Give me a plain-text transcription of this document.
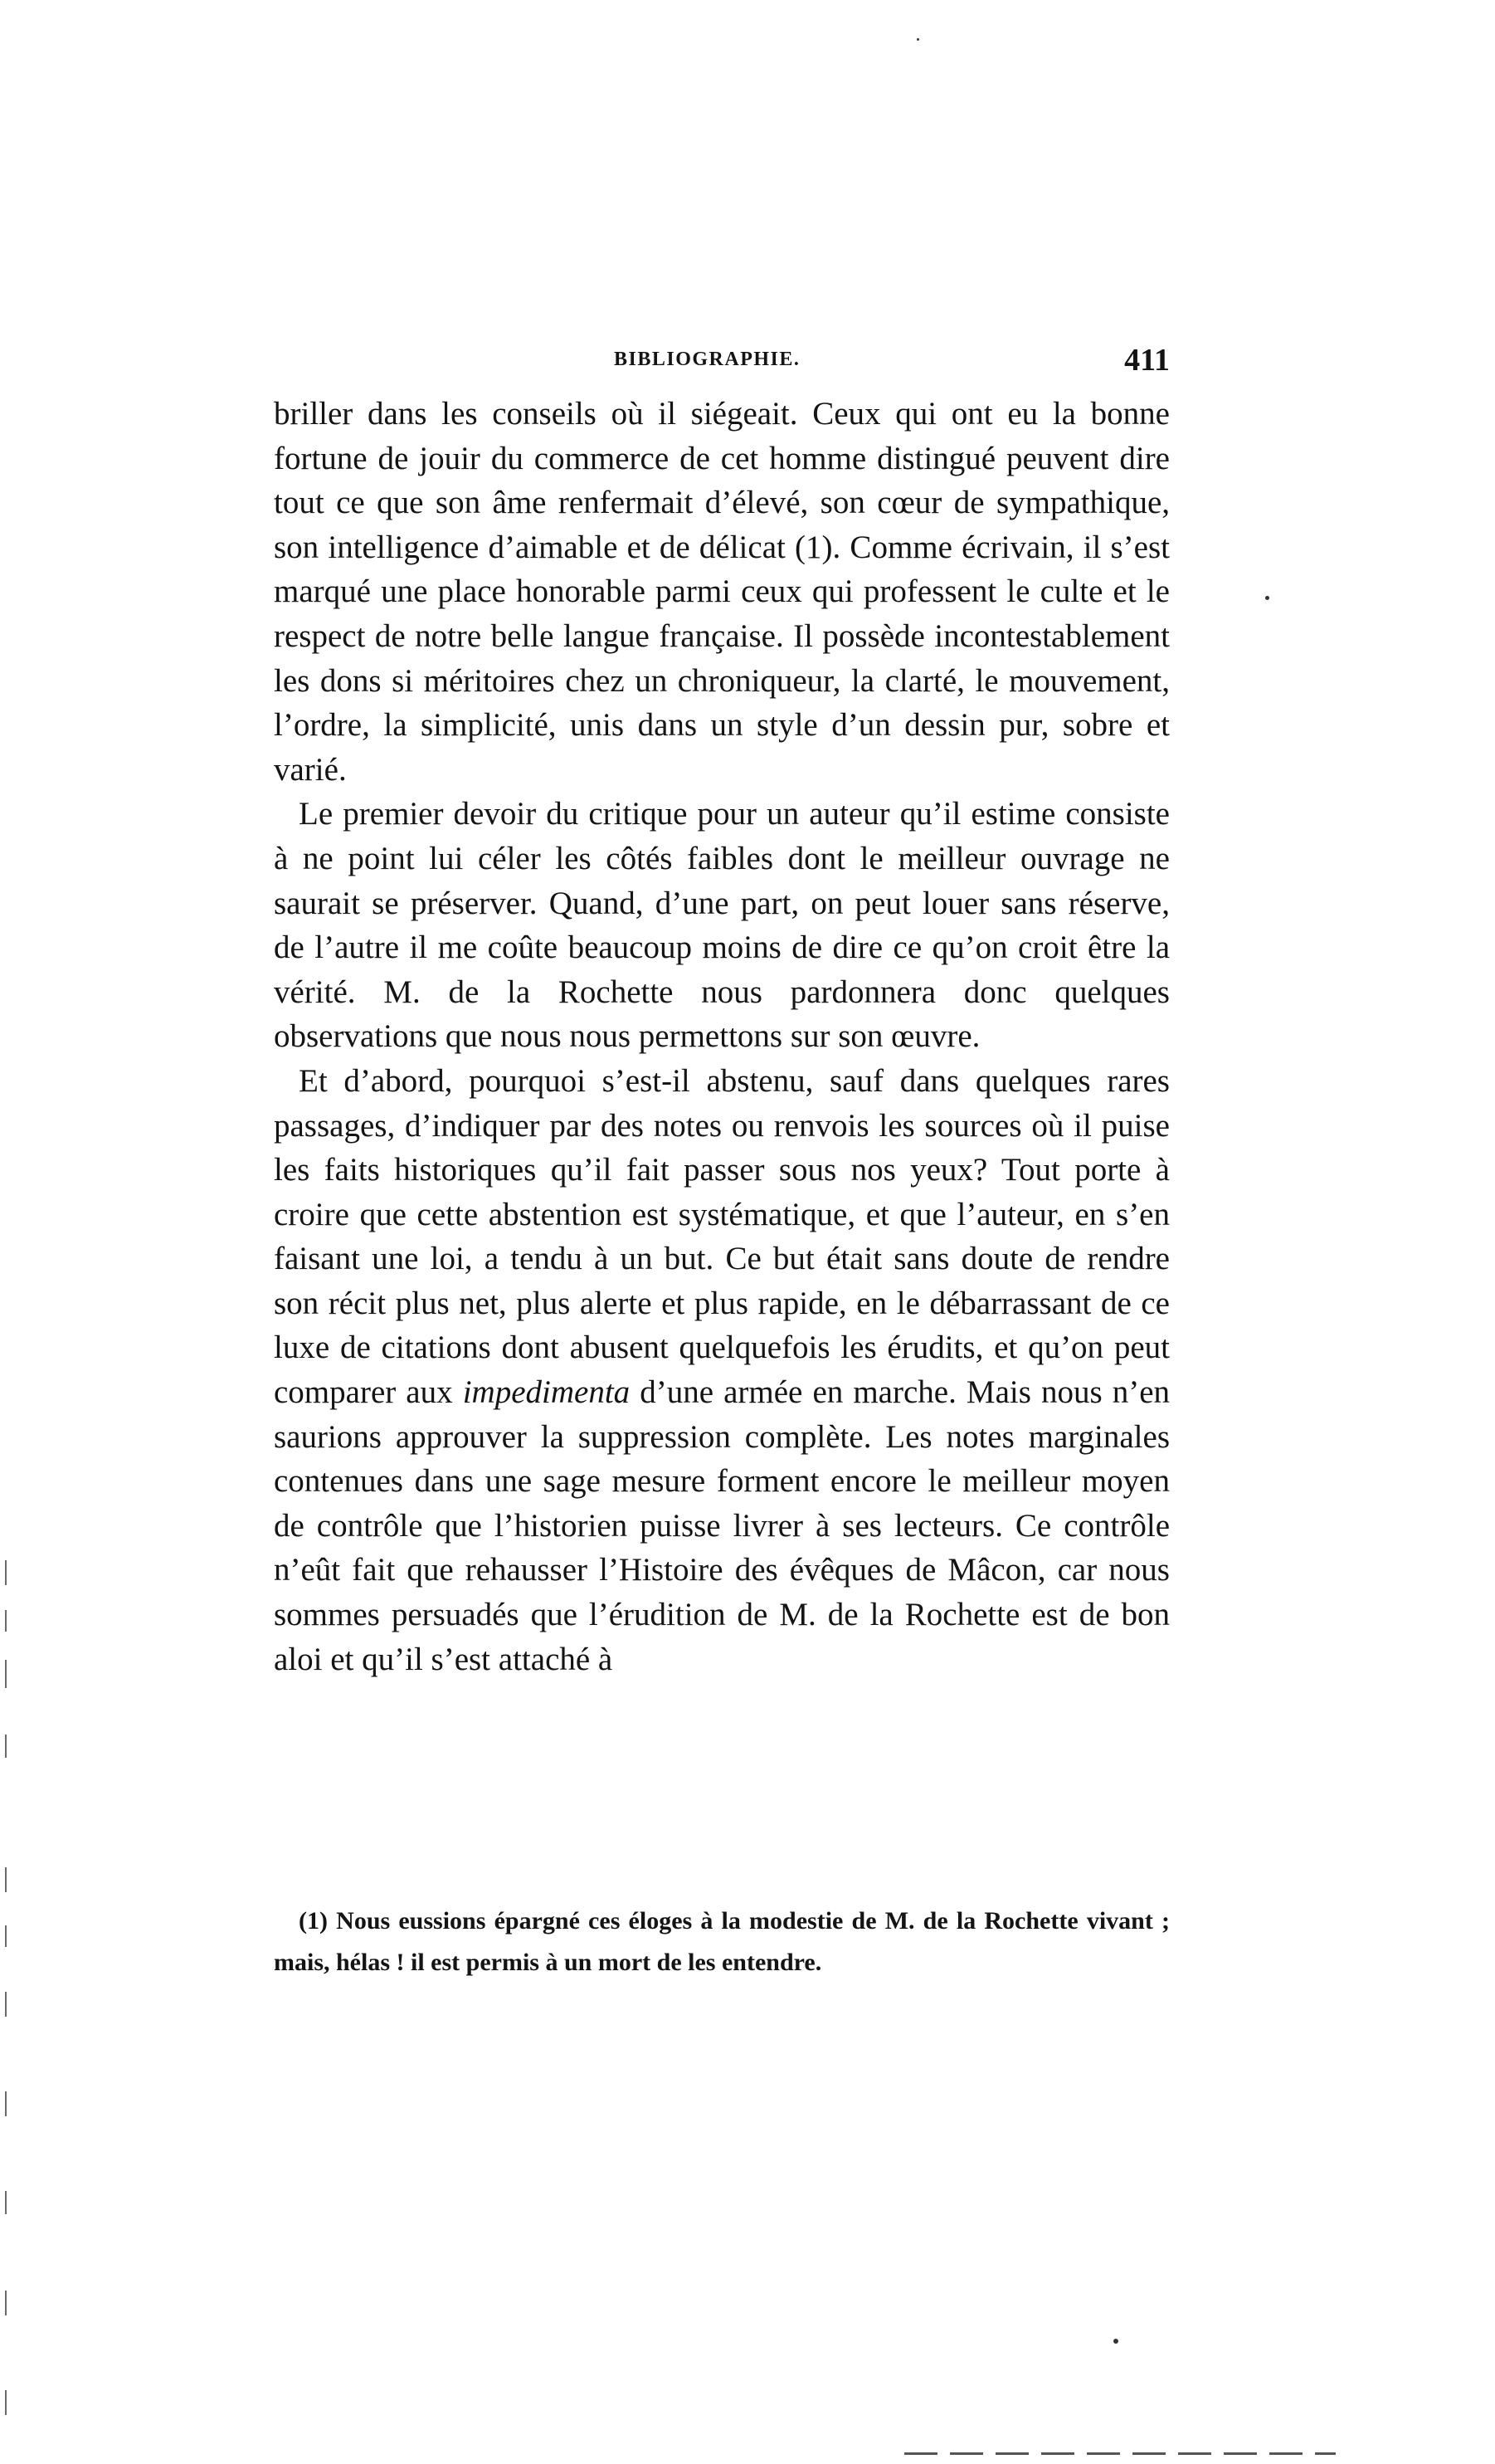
BIBLIOGRAPHIE.	411

briller dans les conseils où il siégeait. Ceux qui ont eu la bonne fortune de jouir du commerce de cet homme distingué peuvent dire tout ce que son âme renfermait d’élevé, son cœur de sympathique, son intelligence d’aimable et de délicat (1). Comme écrivain, il s’est marqué une place honorable parmi ceux qui professent le culte et le respect de notre belle langue française. Il possède incontestablement les dons si méritoires chez un chroniqueur, la clarté, le mouvement, l’ordre, la simplicité, unis dans un style d’un dessin pur, sobre et varié.

Le premier devoir du critique pour un auteur qu’il estime consiste à ne point lui céler les côtés faibles dont le meilleur ouvrage ne saurait se préserver. Quand, d’une part, on peut louer sans réserve, de l’autre il me coûte beaucoup moins de dire ce qu’on croit être la vérité. M. de la Rochette nous pardonnera donc quelques observations que nous nous permettons sur son œuvre.

Et d’abord, pourquoi s’est-il abstenu, sauf dans quelques rares passages, d’indiquer par des notes ou renvois les sources où il puise les faits historiques qu’il fait passer sous nos yeux? Tout porte à croire que cette abstention est systématique, et que l’auteur, en s’en faisant une loi, a tendu à un but. Ce but était sans doute de rendre son récit plus net, plus alerte et plus rapide, en le débarrassant de ce luxe de citations dont abusent quelquefois les érudits, et qu’on peut comparer aux impedimenta d’une armée en marche. Mais nous n’en saurions approuver la suppression complète. Les notes marginales contenues dans une sage mesure forment encore le meilleur moyen de contrôle que l’historien puisse livrer à ses lecteurs. Ce contrôle n’eût fait que rehausser l’Histoire des évêques de Mâcon, car nous sommes persuadés que l’érudition de M. de la Rochette est de bon aloi et qu’il s’est attaché à

(1) Nous eussions épargné ces éloges à la modestie de M. de la Rochette vivant ; mais, hélas ! il est permis à un mort de les entendre.
